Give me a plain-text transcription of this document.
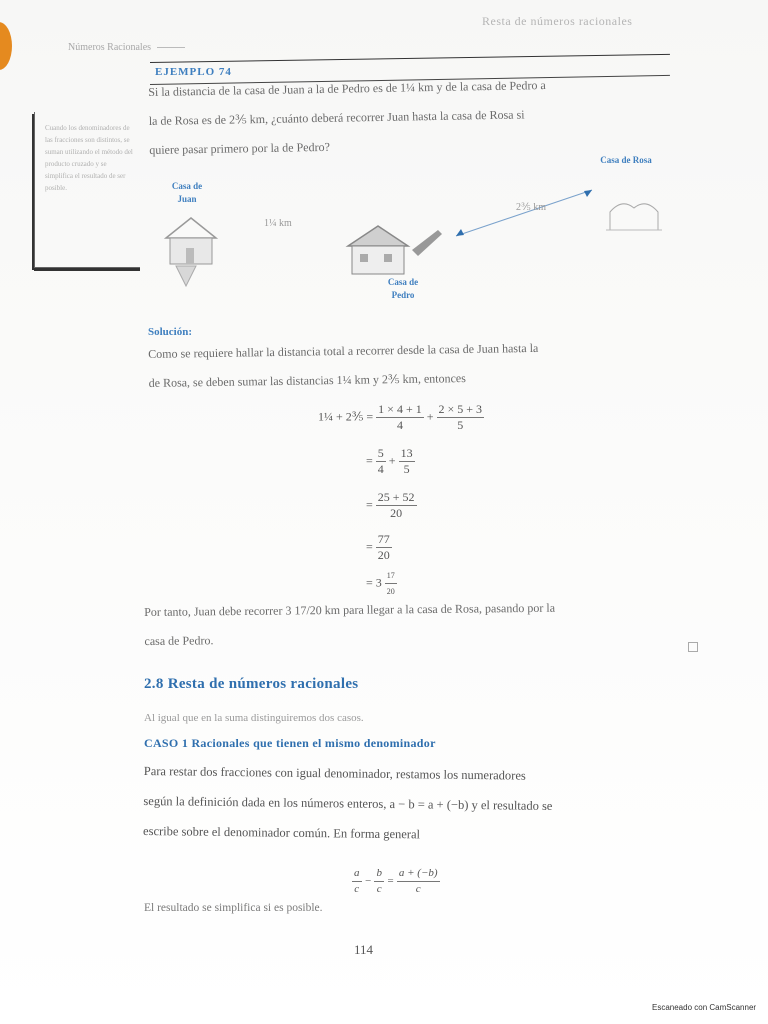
Resta de números racionales
Números Racionales
EJEMPLO 74
Si la distancia de la casa de Juan a la de Pedro es de 1¼ km y de la casa de Pedro a
la de Rosa es de 2⅗ km, ¿cuánto deberá recorrer Juan hasta la casa de Rosa si
quiere pasar primero por la de Pedro?
Cuando los denominadores de las fracciones son distintos, se suman utilizando el método del producto cruzado y se simplifica el resultado de ser posible.	Casa de Juan
1¼ km
Casa de Pedro
2⅗ km
Casa de Rosa
Solución:
Como se requiere hallar la distancia total a recorrer desde la casa de Juan hasta la
de Rosa, se deben sumar las distancias 1¼ km y 2⅗ km, entonces
1¼ + 2⅗ = $\frac{1 \times 4 + 1}{4} + \frac{2 \times 5 + 3}{5}$
= $\frac{5}{4} + \frac{13}{5}$
= $\frac{25 + 52}{20}$
= $\frac{77}{20}$
= $3 \frac{17}{20}$
Por tanto, Juan debe recorrer 3 17/20 km para llegar a la casa de Rosa, pasando por la
casa de Pedro.
2.8 Resta de números racionales
Al igual que en la suma distinguiremos dos casos.
CASO 1 Racionales que tienen el mismo denominador
Para restar dos fracciones con igual denominador, restamos los numeradores
según la definición dada en los números enteros, a − b = a + (−b) y el resultado se
escribe sobre el denominador común. En forma general
$\frac{a}{c} - \frac{b}{c} = \frac{a + (-b)}{c}$
El resultado se simplifica si es posible.
114
Escaneado con CamScanner
